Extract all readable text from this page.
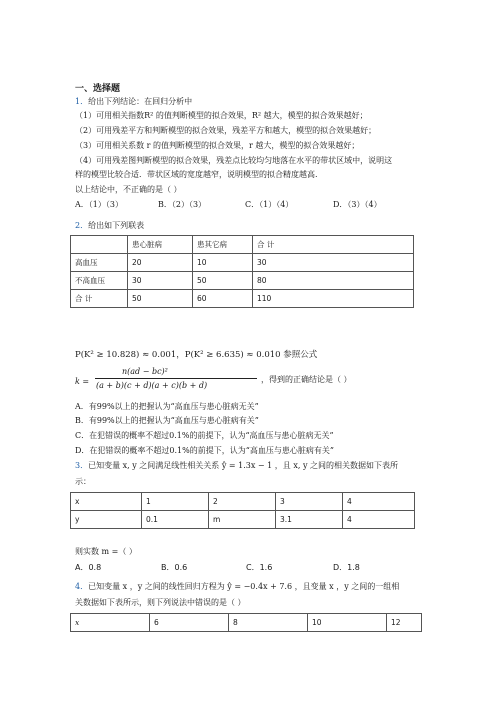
一、选择题
1．给出下列结论：在回归分析中
（1）可用相关指数R² 的值判断模型的拟合效果，R² 越大，模型的拟合效果越好；
（2）可用残差平方和判断模型的拟合效果，残差平方和越大，模型的拟合效果越好；
（3）可用相关系数 r 的值判断模型的拟合效果，r 越大，模型的拟合效果越好；
（4）可用残差图判断模型的拟合效果，残差点比较均匀地落在水平的带状区域中，说明这
样的模型比较合适．带状区域的宽度越窄，说明模型的拟合精度越高.
以上结论中，不正确的是（ ）
A．（1）（3）	B．（2）（3）	C．（1）（4）	D．（3）（4）
2．给出如下列联表
	患心脏病	患其它病	合 计
高血压	20	10	30
不高血压	30	50	80
合 计	50	60	110
P(K² ≥ 10.828) ≈ 0.001，P(K² ≥ 6.635) ≈ 0.010 参照公式
k =
n(ad − bc)²
(a + b)(c + d)(a + c)(b + d)
，得到的正确结论是（ ）
A．有99%以上的把握认为“高血压与患心脏病无关”
B．有99%以上的把握认为“高血压与患心脏病有关”
C．在犯错误的概率不超过0.1%的前提下，认为“高血压与患心脏病无关”
D．在犯错误的概率不超过0.1%的前提下，认为“高血压与患心脏病有关”
3．已知变量 x, y 之间满足线性相关关系 ŷ = 1.3x − 1 ，且 x, y 之间的相关数据如下表所
示：
x	1	2	3	4
y	0.1	m	3.1	4
则实数 m =（ ）
A．0.8	B．0.6	C．1.6	D．1.8
4．已知变量 x ，y 之间的线性回归方程为 ŷ = −0.4x + 7.6 ，且变量 x ，y 之间的一组相
关数据如下表所示，则下列说法中错误的是（ ）
x	6	8	10	12
